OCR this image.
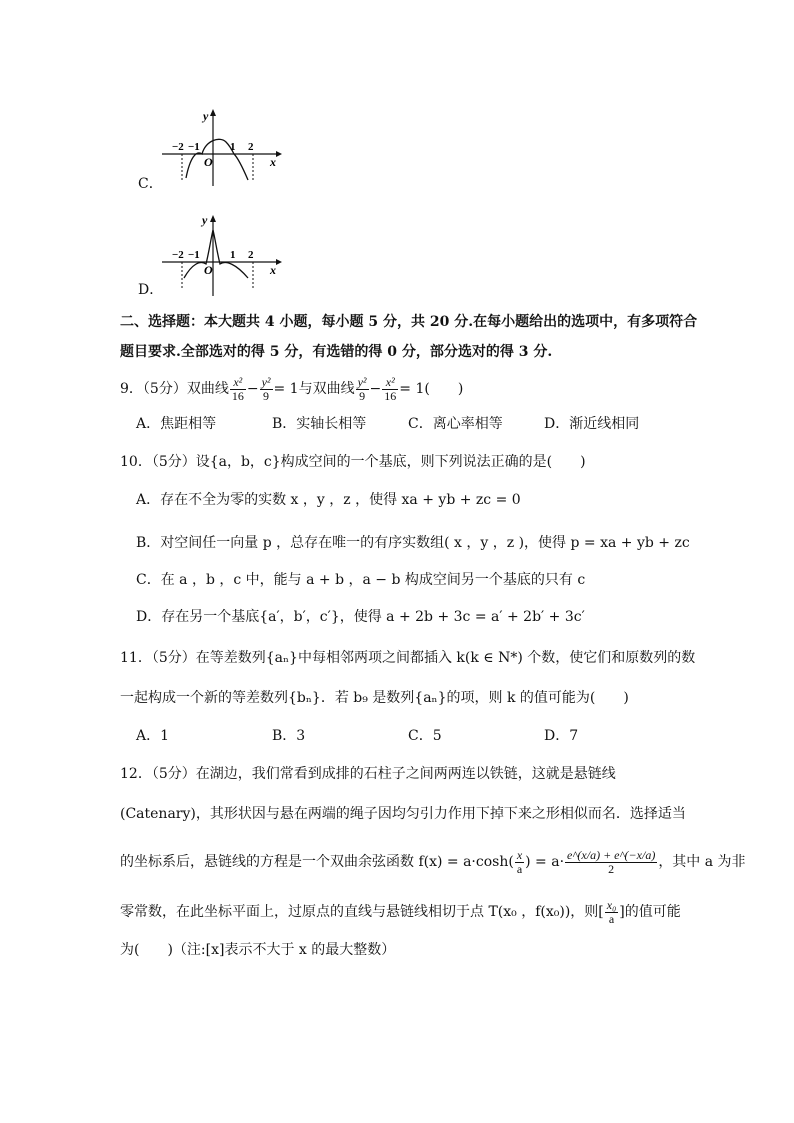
C．
y
x
O
−2 −1	1 2
D．
y
x
O
−2 −1	1 2
二、选择题：本大题共 4 小题，每小题 5 分，共 20 分.在每小题给出的选项中，有多项符合
题目要求.全部选对的得 5 分，有选错的得 0 分，部分选对的得 3 分.
9．（5分）双曲线 $\frac{\text{x²}}{16} - \frac{\text{y²}}{9} = 1$与双曲线 $\frac{\text{y²}}{9} - \frac{\text{x²}}{16} = 1$(　　)
A．焦距相等	B．实轴长相等	C．离心率相等	D．渐近线相同
10．（5分）设{a，b，c}构成空间的一个基底，则下列说法正确的是(　　)
A．存在不全为零的实数 x ，y ，z ，使得 xa + yb + zc = 0
B．对空间任一向量 p ，总存在唯一的有序实数组( x ，y ，z )，使得 p = xa + yb + zc
C．在 a ，b ，c 中，能与 a + b ，a − b 构成空间另一个基底的只有 c
D．存在另一个基底{a′，b′，c′}，使得 a + 2b + 3c = a′ + 2b′ + 3c′
11．（5分）在等差数列{aₙ}中每相邻两项之间都插入 k(k ∈ N*) 个数，使它们和原数列的数
一起构成一个新的等差数列{bₙ}．若 b₉ 是数列{aₙ}的项，则 k 的值可能为(　　)
A．1	B．3	C．5	D．7
12．（5分）在湖边，我们常看到成排的石柱子之间两两连以铁链，这就是悬链线
(Catenary)，其形状因与悬在两端的绳子因均匀引力作用下掉下来之形相似而名．选择适当
的坐标系后，悬链线的方程是一个双曲余弦函数 $f(x) = a\cdot\cosh( \frac{x}{a}$ ) = $a\cdot \frac{e\^{}(x/a) + e\^{}(-x/a)}{2}$ ，其中 a 为非
零常数，在此坐标平面上，过原点的直线与悬链线相切于点 T(x₀ ，f(x₀))，则[ $\frac{\text{x₀}}{a}$ ]的值可能
为(　　)（注:[x]表示不大于 x 的最大整数）
